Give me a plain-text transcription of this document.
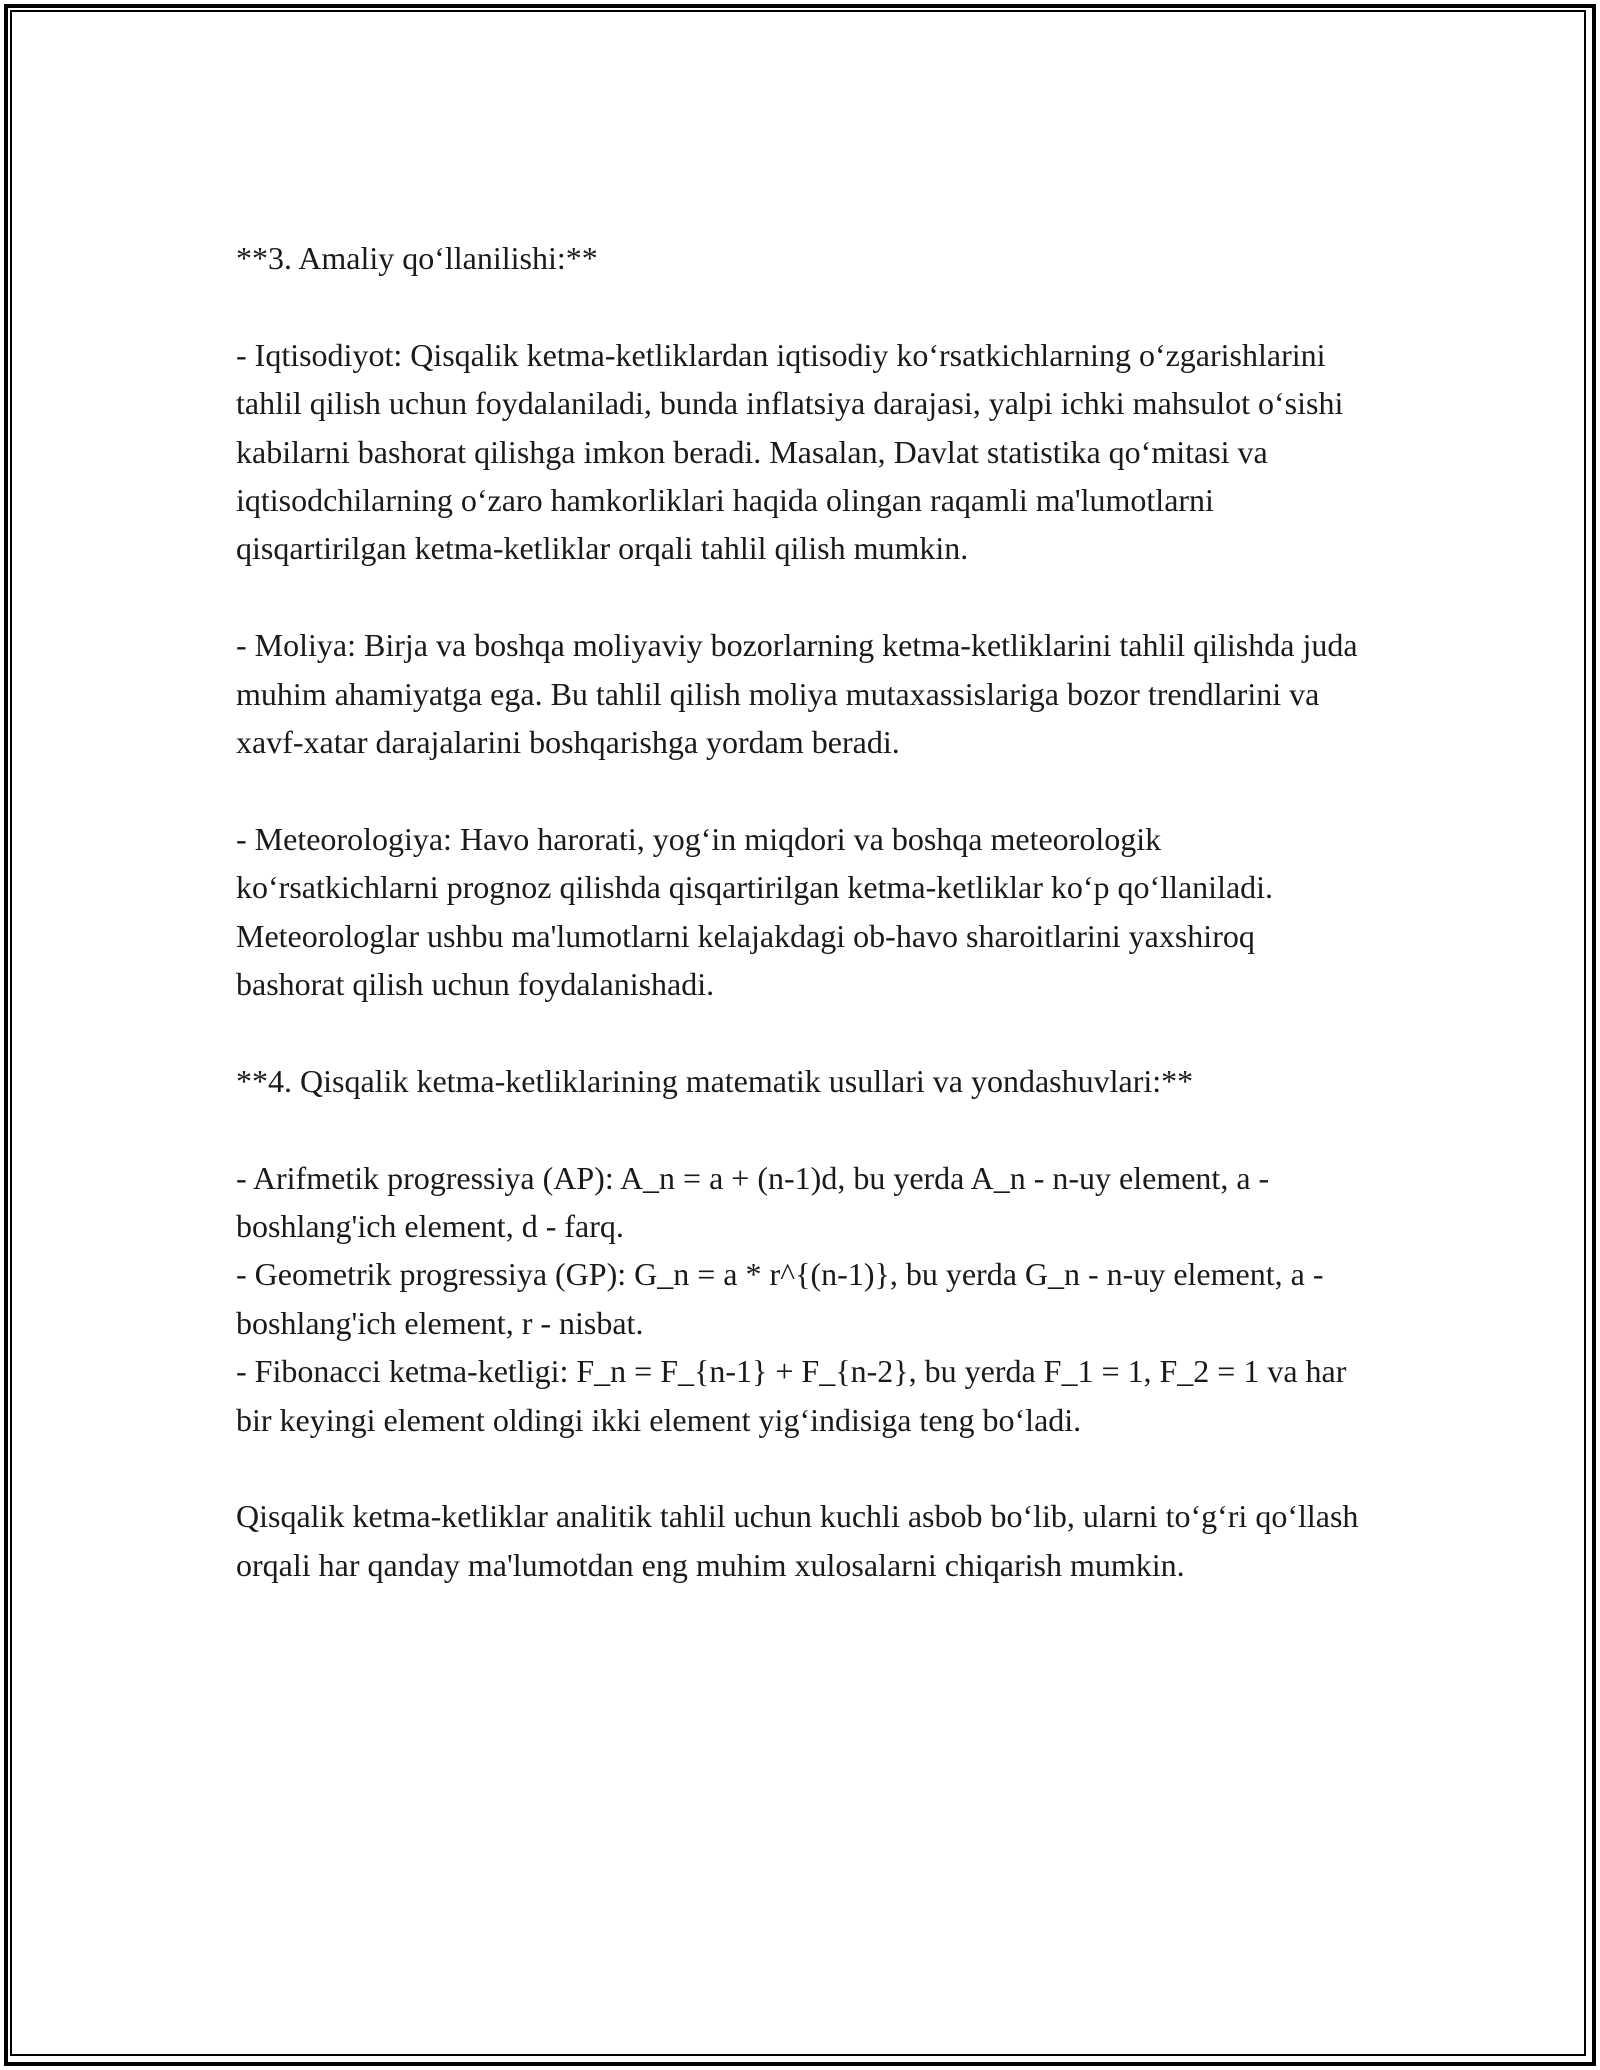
**3. Amaliy qo‘llanilishi:**

- Iqtisodiyot: Qisqalik ketma-ketliklardan iqtisodiy ko‘rsatkichlarning o‘zgarishlarini tahlil qilish uchun foydalaniladi, bunda inflatsiya darajasi, yalpi ichki mahsulot o‘sishi kabilarni bashorat qilishga imkon beradi. Masalan, Davlat statistika qo‘mitasi va iqtisodchilarning o‘zaro hamkorliklari haqida olingan raqamli ma'lumotlarni qisqartirilgan ketma-ketliklar orqali tahlil qilish mumkin.

- Moliya: Birja va boshqa moliyaviy bozorlarning ketma-ketliklarini tahlil qilishda juda muhim ahamiyatga ega. Bu tahlil qilish moliya mutaxassislariga bozor trendlarini va xavf-xatar darajalarini boshqarishga yordam beradi.

- Meteorologiya: Havo harorati, yog‘in miqdori va boshqa meteorologik ko‘rsatkichlarni prognoz qilishda qisqartirilgan ketma-ketliklar ko‘p qo‘llaniladi. Meteorologlar ushbu ma'lumotlarni kelajakdagi ob-havo sharoitlarini yaxshiroq bashorat qilish uchun foydalanishadi.

**4. Qisqalik ketma-ketliklarining matematik usullari va yondashuvlari:**

- Arifmetik progressiya (AP): A_n = a + (n-1)d, bu yerda A_n - n-uy element, a - boshlang'ich element, d - farq.
- Geometrik progressiya (GP): G_n = a * r^{(n-1)}, bu yerda G_n - n-uy element, a - boshlang'ich element, r - nisbat.
- Fibonacci ketma-ketligi: F_n = F_{n-1} + F_{n-2}, bu yerda F_1 = 1, F_2 = 1 va har bir keyingi element oldingi ikki element yig‘indisiga teng bo‘ladi.

Qisqalik ketma-ketliklar analitik tahlil uchun kuchli asbob bo‘lib, ularni to‘g‘ri qo‘llash orqali har qanday ma'lumotdan eng muhim xulosalarni chiqarish mumkin.
